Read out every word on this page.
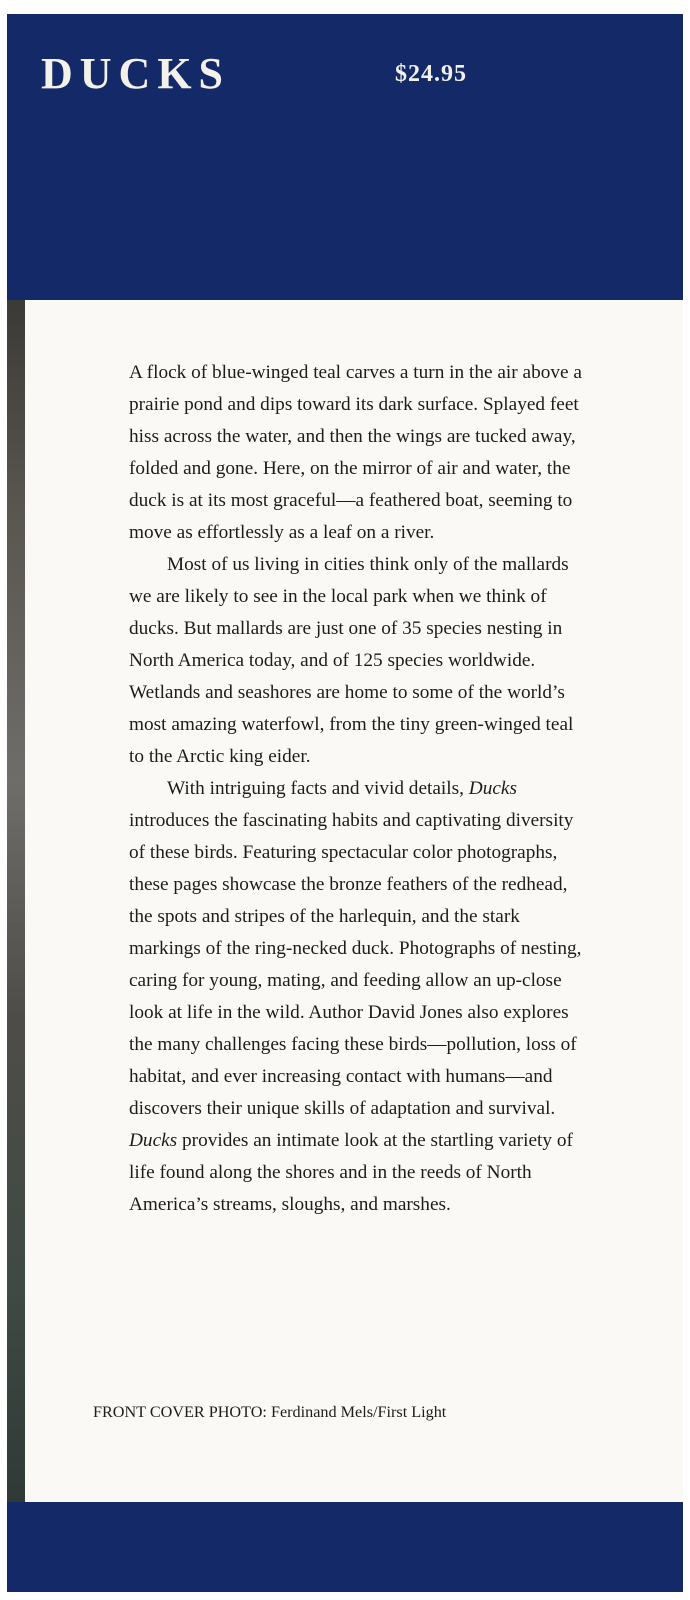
DUCKS	$24.95

A flock of blue-winged teal carves a turn in the air above a prairie pond and dips toward its dark surface. Splayed feet hiss across the water, and then the wings are tucked away, folded and gone. Here, on the mirror of air and water, the duck is at its most graceful—a feathered boat, seeming to move as effortlessly as a leaf on a river.

Most of us living in cities think only of the mallards we are likely to see in the local park when we think of ducks. But mallards are just one of 35 species nesting in North America today, and of 125 species worldwide. Wetlands and seashores are home to some of the world’s most amazing waterfowl, from the tiny green-winged teal to the Arctic king eider.

With intriguing facts and vivid details, Ducks introduces the fascinating habits and captivating diversity of these birds. Featuring spectacular color photographs, these pages showcase the bronze feathers of the redhead, the spots and stripes of the harlequin, and the stark markings of the ring-necked duck. Photographs of nesting, caring for young, mating, and feeding allow an up-close look at life in the wild. Author David Jones also explores the many challenges facing these birds—pollution, loss of habitat, and ever increasing contact with humans—and discovers their unique skills of adaptation and survival. Ducks provides an intimate look at the startling variety of life found along the shores and in the reeds of North America’s streams, sloughs, and marshes.

FRONT COVER PHOTO: Ferdinand Mels/First Light
